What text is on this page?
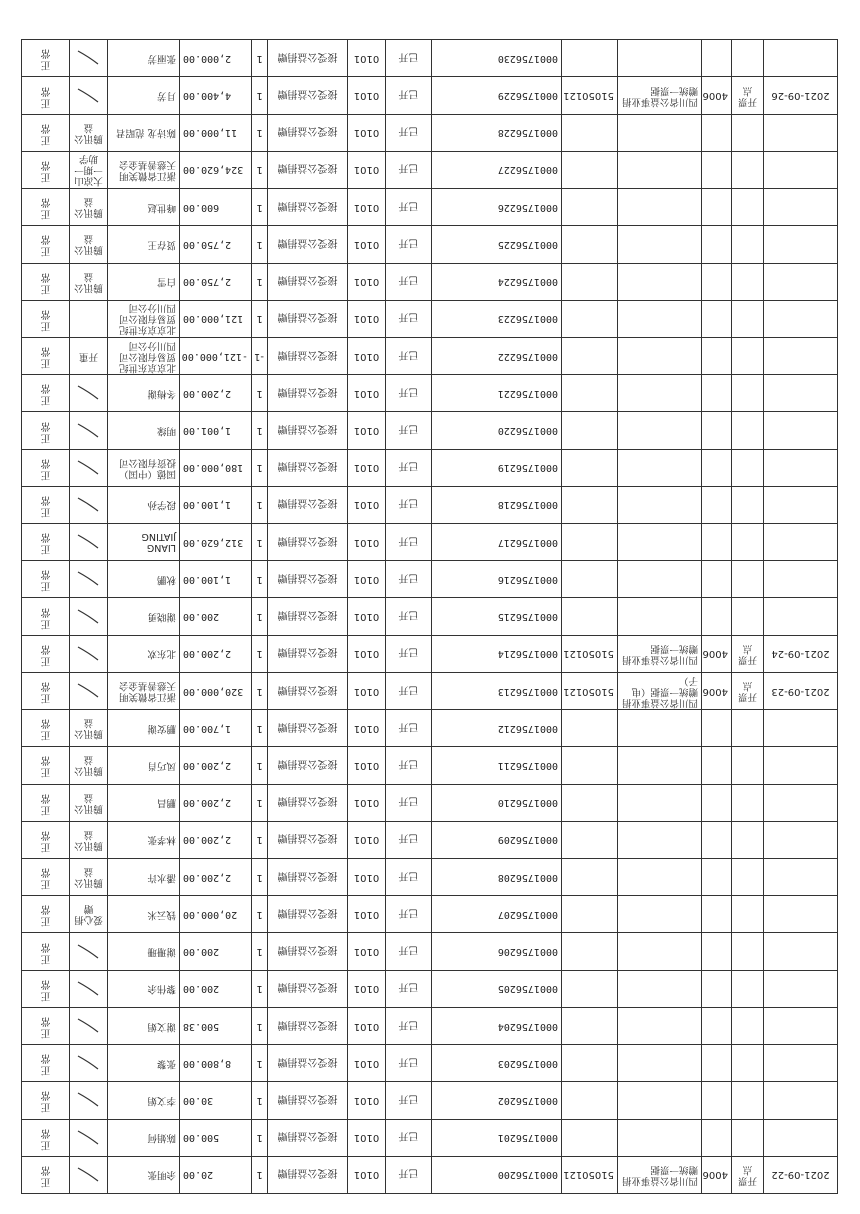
2021-09-22	开票点	4006	四川省公益事业捐赠统一票据	51050121	0001756200	已开	0101	接受公益捐赠	1	20.00	余明张		正常
					0001756201	已开	0101	接受公益捐赠	1	500.00	陈娟何		正常
					0001756202	已开	0101	接受公益捐赠	1	30.00	李文娟		正常
					0001756203	已开	0101	接受公益捐赠	1	8,800.00	张黎		正常
					0001756204	已开	0101	接受公益捐赠	1	500.38	谢文娟		正常
					0001756205	已开	0101	接受公益捐赠	1	200.00	黎伟余		正常
					0001756206	已开	0101	接受公益捐赠	1	200.00	谢珊珊		正常
					0001756207	已开	0101	接受公益捐赠	1	20,000.00	钱云米	爱心捐赠	正常
					0001756208	已开	0101	接受公益捐赠	1	2,200.00	潘水许	腾讯公益	正常
					0001756209	已开	0101	接受公益捐赠	1	2,200.00	林孝张	腾讯公益	正常
					0001756210	已开	0101	接受公益捐赠	1	2,200.00	鹏昌	腾讯公益	正常
					0001756211	已开	0101	接受公益捐赠	1	2,200.00	凤巧肖	腾讯公益	正常
					0001756212	已开	0101	接受公益捐赠	1	1,700.00	鹏安谢	腾讯公益	正常
2021-09-23	开票点	4006	四川省公益事业捐赠统一票据（电子）	51050121	0001756213	已开	0101	接受公益捐赠	1	320,000.00	浙江省微笑明天慈善基金会		正常
2021-09-24	开票点	4006	四川省公益事业捐赠统一票据	51050121	0001756214	已开	0101	接受公益捐赠	1	2,200.00	北东欢		正常
					0001756215	已开	0101	接受公益捐赠	1	200.00	谢晓勇		正常
					0001756216	已开	0101	接受公益捐赠	1	1,100.00	秋鹏		正常
					0001756217	已开	0101	接受公益捐赠	1	312,620.00	LIANG JIATING		正常
					0001756218	已开	0101	接受公益捐赠	1	1,100.00	段学孙		正常
					0001756219	已开	0101	接受公益捐赠	1	180,000.00	国德（中国）投资有限公司		正常
					0001756220	已开	0101	接受公益捐赠	1	1,001.00	明缘		正常
					0001756221	已开	0101	接受公益捐赠	1	2,200.00	冬梅谢		正常
					0001756222	已开	0101	接受公益捐赠	-1	-121,000.00	北京京东世纪贸易有限公司四川分公司	开重	正常
					0001756223	已开	0101	接受公益捐赠	1	121,000.00	北京京东世纪贸易有限公司四川分公司		正常
					0001756224	已开	0101	接受公益捐赠	1	2,750.00	白雪	腾讯公益	正常
					0001756225	已开	0101	接受公益捐赠	1	2,750.00	贤存王	腾讯公益	正常
					0001756226	已开	0101	接受公益捐赠	1	600.00	峰世赵	腾讯公益	正常
					0001756227	已开	0101	接受公益捐赠	1	324,620.00	浙江省微笑明天慈善基金会	大凉山一期一助学	正常
					0001756228	已开	0101	接受公益捐赠	1	11,000.00	陈诗龙 范昭君	腾讯公益	正常
2021-09-26	开票点	4006	四川省公益事业捐赠统一票据	51050121	0001756229	已开	0101	接受公益捐赠	1	4,400.00	月芳		正常
					0001756230	已开	0101	接受公益捐赠	1	2,000.00	张丽芳		正常
